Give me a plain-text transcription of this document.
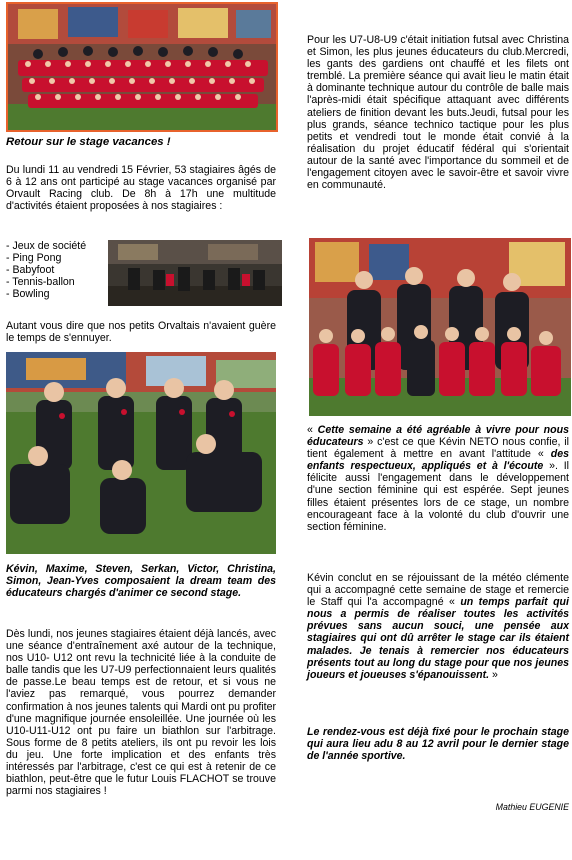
Retour sur le stage vacances !

Du lundi 11 au vendredi 15 Février, 53 stagiaires âgés de 6 à 12 ans ont participé au stage vacances organisé par Orvault Racing club. De 8h à 17h une multitude d'activités étaient proposées à nos stagiaires :

- Jeux de société
- Ping Pong
- Babyfoot
- Tennis-ballon
- Bowling

Autant vous dire que nos petits Orvaltais n'avaient guère le temps de s'ennuyer.

Kévin, Maxime, Steven, Serkan, Victor, Christina, Simon, Jean-Yves composaient la dream team des éducateurs chargés d'animer ce second stage.

Dès lundi, nos jeunes stagiaires étaient déjà lancés, avec une séance d'entraînement axé autour de la technique, nos U10- U12 ont revu la technicité liée à la conduite de balle tandis que les U7-U9 perfectionnaient leurs qualités de passe.Le beau temps est de retour, et si vous ne l'aviez pas remarqué, vous pourrez demander confirmation à nos jeunes talents qui Mardi ont pu profiter d'une magnifique journée ensoleillée. Une journée où les U10-U11-U12 ont pu faire un biathlon sur l'arbitrage. Sous forme de 8 petits ateliers, ils ont pu revoir les lois du jeu. Une forte implication et des enfants très intéressés par l'arbitrage, c'est ce qui est à retenir de ce biathlon, peut-être que le futur Louis FLACHOT se trouve parmi nos stagiaires !

Pour les U7-U8-U9 c'était initiation futsal avec Christina et Simon, les plus jeunes éducateurs du club.Mercredi, les gants des gardiens ont chauffé et les filets ont tremblé. La première séance qui avait lieu le matin était à dominante technique autour du contrôle de balle mais l'après-midi était spécifique attaquant avec différents ateliers de finition devant les buts.Jeudi, futsal pour les plus grands, séance technico tactique pour les plus petits et vendredi tout le monde était convié à la réalisation du projet éducatif fédéral qui s'orientait autour de la santé avec l'importance du sommeil et de l'engagement citoyen avec le savoir-être et savoir vivre en communauté.

« Cette semaine a été agréable à vivre pour nous éducateurs » c'est ce que Kévin NETO nous confie, il tient également à mettre en avant l'attitude « des enfants respectueux, appliqués et à l'écoute ». Il félicite aussi l'engagement dans le développement d'une section féminine qui est espérée. Sept jeunes filles étaient présentes lors de ce stage, un nombre encourageant face à la volonté du club d'ouvrir une section féminine.

Kévin conclut en se réjouissant de la météo clémente qui a accompagné cette semaine de stage et remercie le Staff qui l'a accompagné « un temps parfait qui nous a permis de réaliser toutes les activités prévues sans aucun souci, une pensée aux stagiaires qui ont dû arrêter le stage car ils étaient malades. Je tenais à remercier nos éducateurs présents tout au long du stage pour que nos jeunes joueurs et joueuses s'épanouissent. »

Le rendez-vous est déjà fixé pour le prochain stage qui aura lieu adu 8 au 12 avril pour le dernier stage de l'année sportive.

Mathieu EUGENIE
